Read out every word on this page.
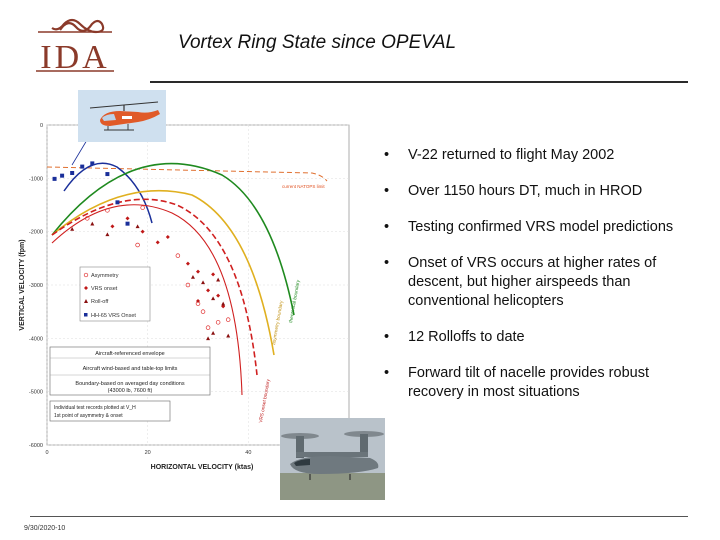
IDA	Vortex Ring State since OPEVAL
0
-1000
-2000
-3000
-4000
-5000
-6000
0	20	40
current NATOPS limit
theoretical boundary
asymmetry boundary
VRS onset boundary
Asymmetry
VRS onset
Roll-off
HH-65 VRS Onset
Aircraft-referenced envelope
Aircraft wind-based and table-top limits
Boundary-based on averaged day conditions
(43000 lb, 7600 ft)
Individual test records plotted at V_H
1st point of asymmetry & onset
HORIZONTAL VELOCITY (ktas)
VERTICAL VELOCITY (fpm)
• V-22 returned to flight May 2002
• Over 1150 hours DT, much in HROD
• Testing confirmed VRS model predictions
• Onset of VRS occurs at higher rates of descent, but higher airspeeds than conventional helicopters
• 12 Rolloffs to date
• Forward tilt of nacelle provides robust recovery in most situations
9/30/2020-10
